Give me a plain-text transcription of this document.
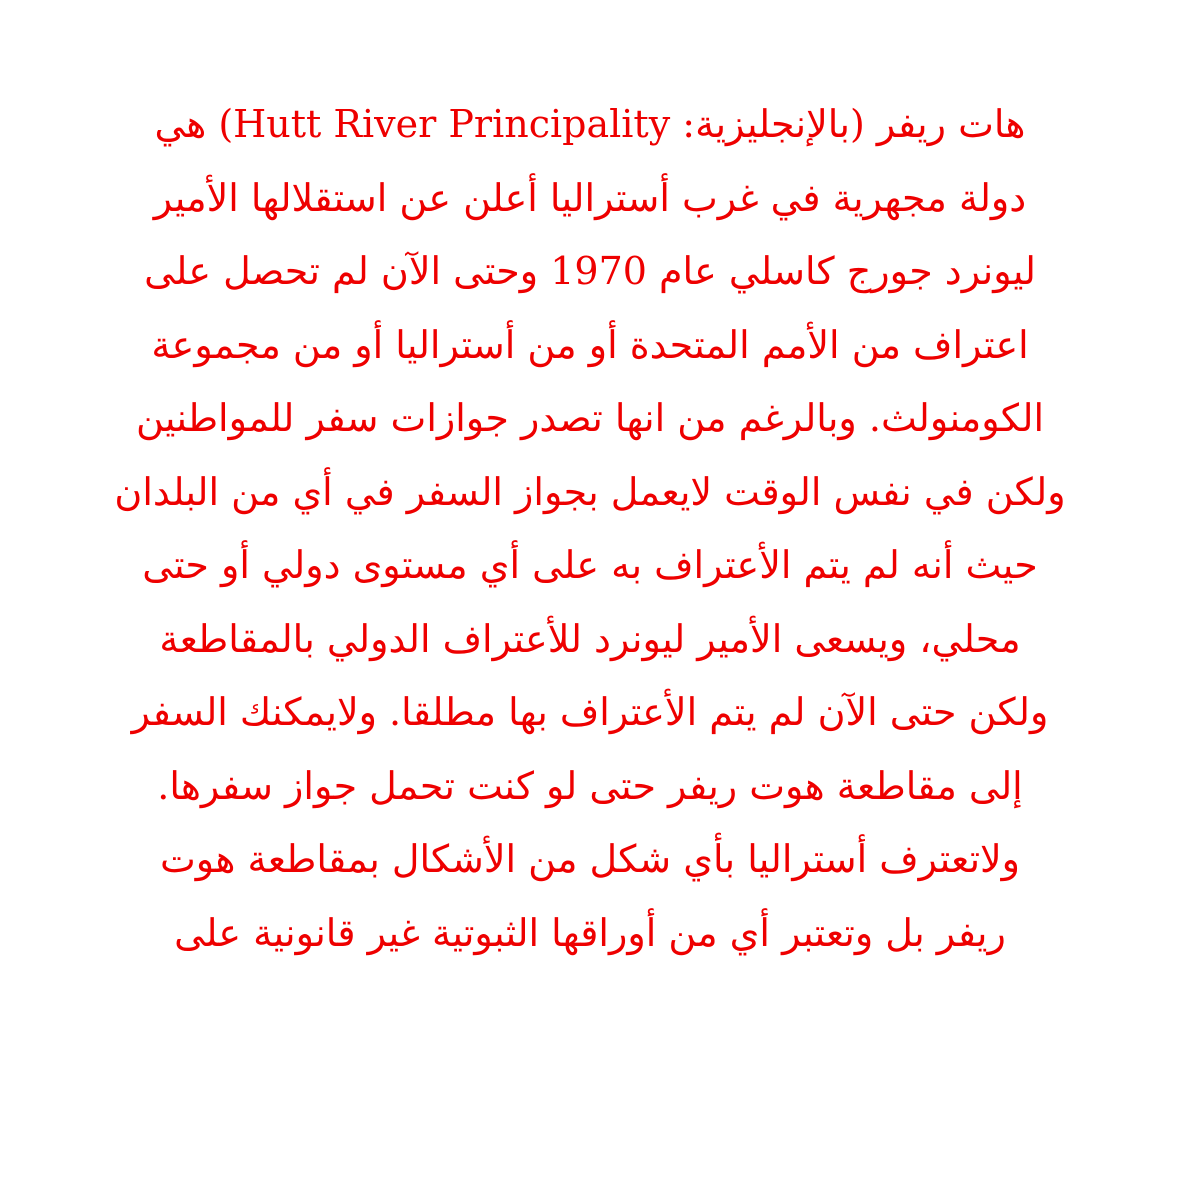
هات ريفر (بالإنجليزية: Hutt River Principality) هي
دولة مجهرية في غرب أستراليا أعلن عن استقلالها الأمير
ليونرد جورج كاسلي عام 1970 وحتى الآن لم تحصل على
اعتراف من الأمم المتحدة أو من أستراليا أو من مجموعة
الكومنولث. وبالرغم من انها تصدر جوازات سفر للمواطنين
ولكن في نفس الوقت لايعمل بجواز السفر في أي من البلدان
حيث أنه لم يتم الأعتراف به على أي مستوى دولي أو حتى
محلي، ويسعى الأمير ليونرد للأعتراف الدولي بالمقاطعة
ولكن حتى الآن لم يتم الأعتراف بها مطلقا. ولايمكنك السفر
إلى مقاطعة هوت ريفر حتى لو كنت تحمل جواز سفرها.
ولاتعترف أستراليا بأي شكل من الأشكال بمقاطعة هوت
ريفر بل وتعتبر أي من أوراقها الثبوتية غير قانونية على
